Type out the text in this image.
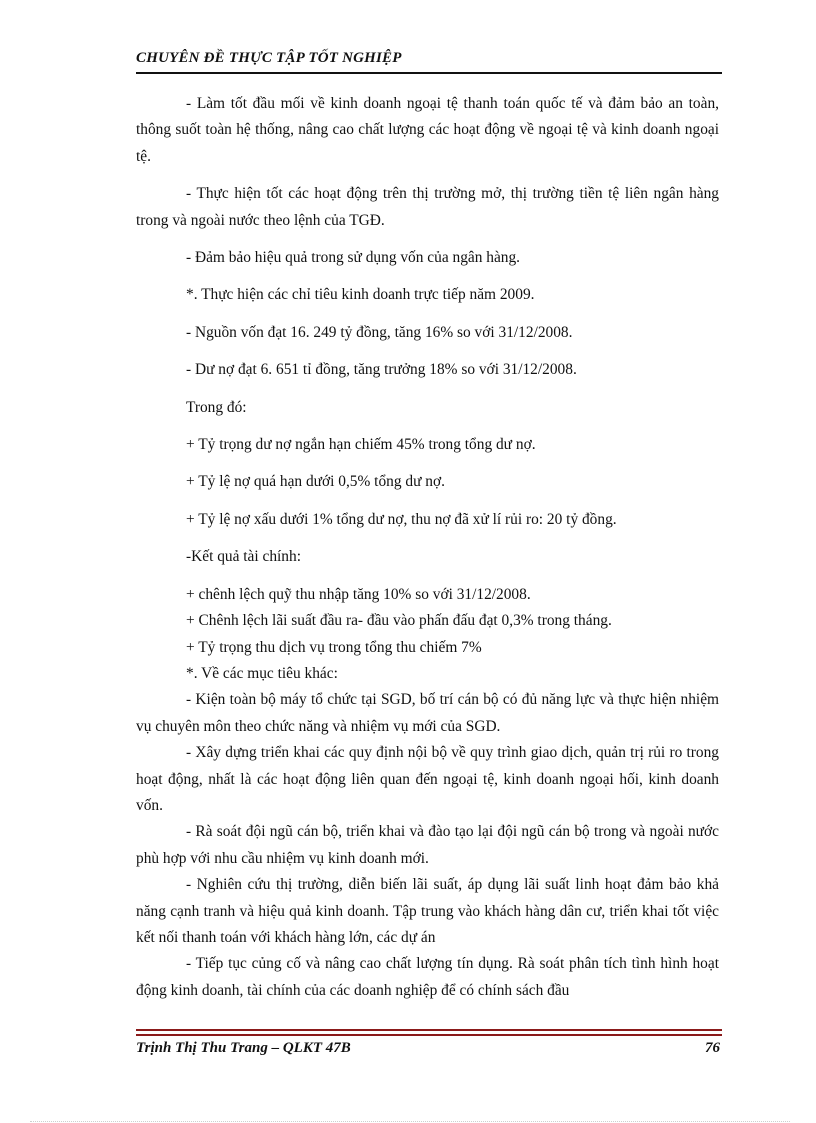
CHUYÊN ĐỀ THỰC TẬP TỐT NGHIỆP

- Làm tốt đầu mối về kinh doanh ngoại tệ thanh toán quốc tế và đảm bảo an toàn, thông suốt toàn hệ thống, nâng cao chất lượng các hoạt động về ngoại tệ và kinh doanh ngoại tệ.

- Thực hiện tốt các hoạt động trên thị trường mở, thị trường tiền tệ liên ngân hàng trong và ngoài nước theo lệnh của TGĐ.

- Đảm bảo hiệu quả trong sử dụng vốn của ngân hàng.

*. Thực hiện các chỉ tiêu kinh doanh trực tiếp năm 2009.

- Nguồn vốn đạt 16. 249 tỷ đồng, tăng 16% so với 31/12/2008.

- Dư nợ đạt 6. 651 tỉ đồng, tăng trưởng 18% so với 31/12/2008.

Trong đó:

+ Tỷ trọng dư nợ ngắn hạn chiếm 45% trong tổng dư nợ.

+ Tỷ lệ nợ quá hạn dưới 0,5% tổng dư nợ.

+ Tỷ lệ nợ xấu dưới 1% tổng dư nợ, thu nợ đã xử lí rủi ro: 20 tỷ đồng.

-Kết quả tài chính:

+ chênh lệch quỹ thu nhập tăng 10% so với 31/12/2008.

+ Chênh lệch lãi suất đầu ra- đầu vào phấn đấu đạt 0,3% trong tháng.

+ Tỷ trọng thu dịch vụ trong tổng thu chiếm 7%

*. Về các mục tiêu khác:

- Kiện toàn bộ máy tổ chức tại SGD, bố trí cán bộ có đủ năng lực và thực hiện nhiệm vụ chuyên môn theo chức năng và nhiệm vụ mới của SGD.

- Xây dựng triển khai các quy định nội bộ về quy trình giao dịch, quản trị rủi ro trong hoạt động, nhất là các hoạt động liên quan đến ngoại tệ, kinh doanh ngoại hối, kinh doanh vốn.

- Rà soát đội ngũ cán bộ, triển khai và đào tạo lại đội ngũ cán bộ trong và ngoài nước phù hợp với nhu cầu nhiệm vụ kinh doanh mới.

- Nghiên cứu thị trường, diễn biến lãi suất, áp dụng lãi suất linh hoạt đảm bảo khả năng cạnh tranh và hiệu quả kinh doanh. Tập trung vào khách hàng dân cư, triển khai tốt việc kết nối thanh toán với khách hàng lớn, các dự án

- Tiếp tục củng cố và nâng cao chất lượng tín dụng. Rà soát phân tích tình hình hoạt động kinh doanh, tài chính của các doanh nghiệp để có chính sách đầu

Trịnh Thị Thu Trang – QLKT 47B	76
